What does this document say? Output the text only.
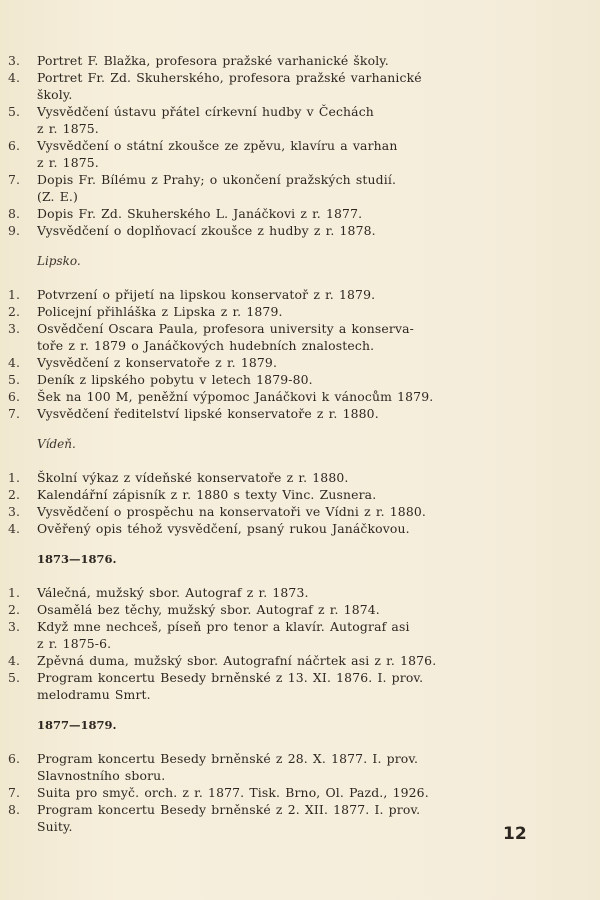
3.	Portret F. Blažka, profesora pražské varhanické školy.
4.	Portret Fr. Zd. Skuherského, profesora pražské varhanické
školy.
5.	Vysvědčení ústavu přátel církevní hudby v Čechách
z r. 1875.
6.	Vysvědčení o státní zkoušce ze zpěvu, klavíru a varhan
z r. 1875.
7.	Dopis Fr. Bílému z Prahy; o ukončení pražských studií.
(Z. E.)
8.	Dopis Fr. Zd. Skuherského L. Janáčkovi z r. 1877.
9.	Vysvědčení o doplňovací zkoušce z hudby z r. 1878.
Lipsko.
1.	Potvrzení o přijetí na lipskou konservatoř z r. 1879.
2.	Policejní přihláška z Lipska z r. 1879.
3.	Osvědčení Oscara Paula, profesora university a konserva-
toře z r. 1879 o Janáčkových hudebních znalostech.
4.	Vysvědčení z konservatoře z r. 1879.
5.	Deník z lipského pobytu v letech 1879-80.
6.	Šek na 100 M, peněžní výpomoc Janáčkovi k vánocům 1879.
7.	Vysvědčení ředitelství lipské konservatoře z r. 1880.
Vídeň.
1.	Školní výkaz z vídeňské konservatoře z r. 1880.
2.	Kalendářní zápisník z r. 1880 s texty Vinc. Zusnera.
3.	Vysvědčení o prospěchu na konservatoři ve Vídni z r. 1880.
4.	Ověřený opis téhož vysvědčení, psaný rukou Janáčkovou.
1873—1876.
1.	Válečná, mužský sbor. Autograf z r. 1873.
2.	Osamělá bez těchy, mužský sbor. Autograf z r. 1874.
3.	Když mne nechceš, píseň pro tenor a klavír. Autograf asi
z r. 1875-6.
4.	Zpěvná duma, mužský sbor. Autografní náčrtek asi z r. 1876.
5.	Program koncertu Besedy brněnské z 13. XI. 1876. I. prov.
melodramu Smrt.
1877—1879.
6.	Program koncertu Besedy brněnské z 28. X. 1877. I. prov.
Slavnostního sboru.
7.	Suita pro smyč. orch. z r. 1877. Tisk. Brno, Ol. Pazd., 1926.
8.	Program koncertu Besedy brněnské z 2. XII. 1877. I. prov.
Suity.	12
